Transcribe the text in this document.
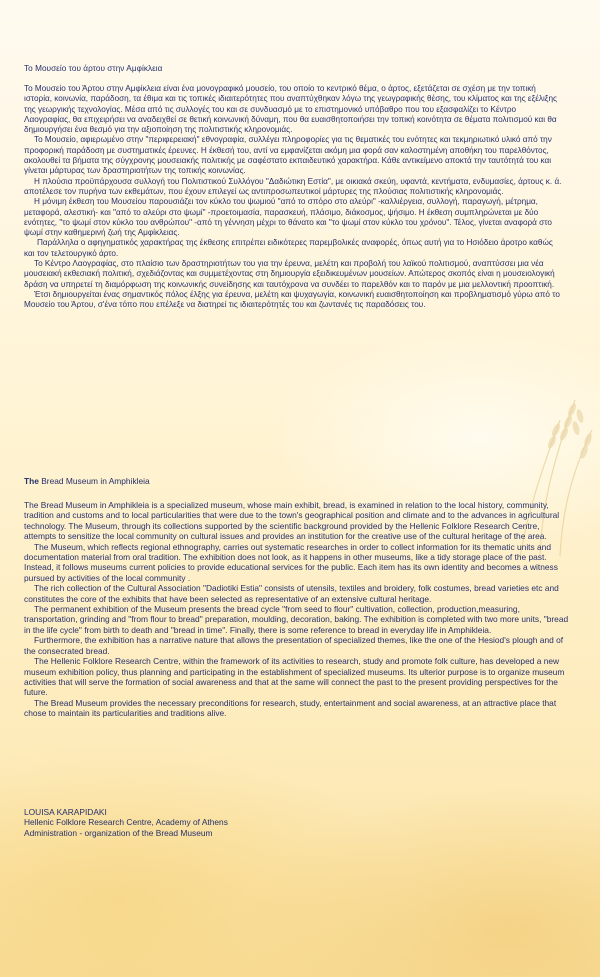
Το Μουσείο του άρτου στην Αμφίκλεια

Το Μουσείο του Άρτου στην Αμφίκλεια είναι ένα μονογραφικό μουσείο, του οποίο το κεντρικό θέμα, ο άρτος, εξετάζεται σε σχέση με την τοπική ιστορία, κοινωνία, παράδοση, τα έθιμα και τις τοπικές ιδιαιτερότητες που αναπτύχθηκαν λόγω της γεωγραφικής θέσης, του κλίματος και της εξέλιξης της γεωργικής τεχνολογίας. Μέσα από τις συλλογές του και σε συνδυασμό με το επιστημονικό υπόβαθρο που του εξασφαλίζει το Κέντρο Λαογραφίας, θα επιχειρήσει να αναδειχθεί σε θετική κοινωνική δύναμη, που θα ευαισθητοποιήσει την τοπική κοινότητα σε θέματα πολιτισμού και θα δημιουργήσει ένα θεσμό για την αξιοποίηση της πολιτιστικής κληρονομιάς.

Το Μουσείο, αφιερωμένο στην "περιφερειακή" εθνογραφία, συλλέγει πληροφορίες για τις θεματικές του ενότητες και τεκμηριωτικό υλικό από την προφορική παράδοση με συστηματικές έρευνες. Η έκθεσή του, αντί να εμφανίζεται ακόμη μια φορά σαν καλοστημένη αποθήκη του παρελθόντος, ακολουθεί τα βήματα της σύγχρονης μουσειακής πολιτικής με σαφέστατο εκπαιδευτικό χαρακτήρα. Κάθε αντικείμενο αποκτά την ταυτότητά του και γίνεται μάρτυρας των δραστηριοτήτων της τοπικής κοινωνίας.

Η πλούσια προϋπάρχουσα συλλογή του Πολιτιστικού Συλλόγου "Δαδιώτικη Εστία", με οικιακά σκεύη, υφαντά, κεντήματα, ενδυμασίες, άρτους κ. ά. αποτέλεσε τον πυρήνα των εκθεμάτων, που έχουν επιλεγεί ως αντιπροσωπευτικοί μάρτυρες της πλούσιας πολιτιστικής κληρονομιάς.

Η μόνιμη έκθεση του Μουσείου παρουσιάζει τον κύκλο του ψωμιού "από το σπόρο στο αλεύρι" -καλλιέργεια, συλλογή, παραγωγή, μέτρημα, μεταφορά, αλεστική- και "από το αλεύρι στο ψωμί" -προετοιμασία, παρασκευή, πλάσιμο, διάκοσμος, ψήσιμο. Η έκθεση συμπληρώνεται με δύο ενότητες, "το ψωμί στον κύκλο του ανθρώπου" -από τη γέννηση μέχρι το θάνατο και "το ψωμί στον κύκλο του χρόνου". Τέλος, γίνεται αναφορά στο ψωμί στην καθημερινή ζωή της Αμφίκλειας.

Παράλληλα ο αφηγηματικός χαρακτήρας της έκθεσης επιτρέπει ειδικότερες παρεμβολικές αναφορές, όπως αυτή για το Ησιόδειο άροτρο καθώς και τον τελετουργικό άρτο.

Το Κέντρο Λαογραφίας, στο πλαίσιο των δραστηριοτήτων του για την έρευνα, μελέτη και προβολή του λαϊκού πολιτισμού, αναπτύσσει μια νέα μουσειακή εκθεσιακή πολιτική, σχεδιάζοντας και συμμετέχοντας στη δημιουργία εξειδικευμένων μουσείων. Απώτερος σκοπός είναι η μουσειολογική δράση να υπηρετεί τη διαμόρφωση της κοινωνικής συνείδησης και ταυτόχρονα να συνδέει το παρελθόν και το παρόν με μια μελλοντική προοπτική.

Έτσι δημιουργείται ένας σημαντικός πόλος έλξης για έρευνα, μελέτη και ψυχαγωγία, κοινωνική ευαισθητοποίηση και προβληματισμό γύρω από το Μουσείο του Άρτου, σ'ένα τόπο που επέλεξε να διατηρεί τις ιδιαιτερότητές του και ζωντανές τις παραδόσεις του.

The Bread Museum in Amphikleia

The Bread Museum in Amphikleia is a specialized museum, whose main exhibit, bread, is examined in relation to the local history, community, tradition and customs and to local particularities that were due to the town's geographical position and climate and to the advances in agricultural technology. The Museum, through its collections supported by the scientific background provided by the Hellenic Folklore Research Centre, attempts to sensitize the local community on cultural issues and provides an institution for the creative use of the cultural heritage of the area.

The Museum, which reflects regional ethnography, carries out systematic researches in order to collect information for its thematic units and documentation material from oral tradition. The exhibition does not look, as it happens in other museums, like a tidy storage place of the past. Instead, it follows museums current policies to provide educational services for the public. Each item has its own identity and becomes a witness pursued by activities of the local community .

The rich collection of the Cultural Association "Dadiotiki Estia" consists of utensils, textiles and broidery, folk costumes, bread varieties etc and constitutes the core of the exhibits that have been selected as representative of an extensive cultural heritage.

The permanent exhibition of the Museum presents the bread cycle "from seed to flour" cultivation, collection, production,measuring, transportation, grinding and "from flour to bread" preparation, moulding, decoration, baking. The exhibition is completed with two more units, "bread in the life cycle" from birth to death and "bread in time". Finally, there is some reference to bread in everyday life in Amphikleia.

Furthermore, the exhibition has a narrative nature that allows the presentation of specialized themes, like the one of the Hesiod's plough and of the consecrated bread.

The Hellenic Folklore Research Centre, within the framework of its activities to research, study and promote folk culture, has developed a new museum exhibition policy, thus planning and participating in the establishment of specialized museums. Its ulterior purpose is to organize museum activities that will serve the formation of social awareness and that at the same will connect the past to the present providing perspectives for the future.

The Bread Museum provides the necessary preconditions for research, study, entertainment and social awareness, at an attractive place that chose to maintain its particularities and traditions alive.

LOUISA KARAPIDAKI
Hellenic Folklore Research Centre, Academy of Athens
Administration - organization of the Bread Museum
